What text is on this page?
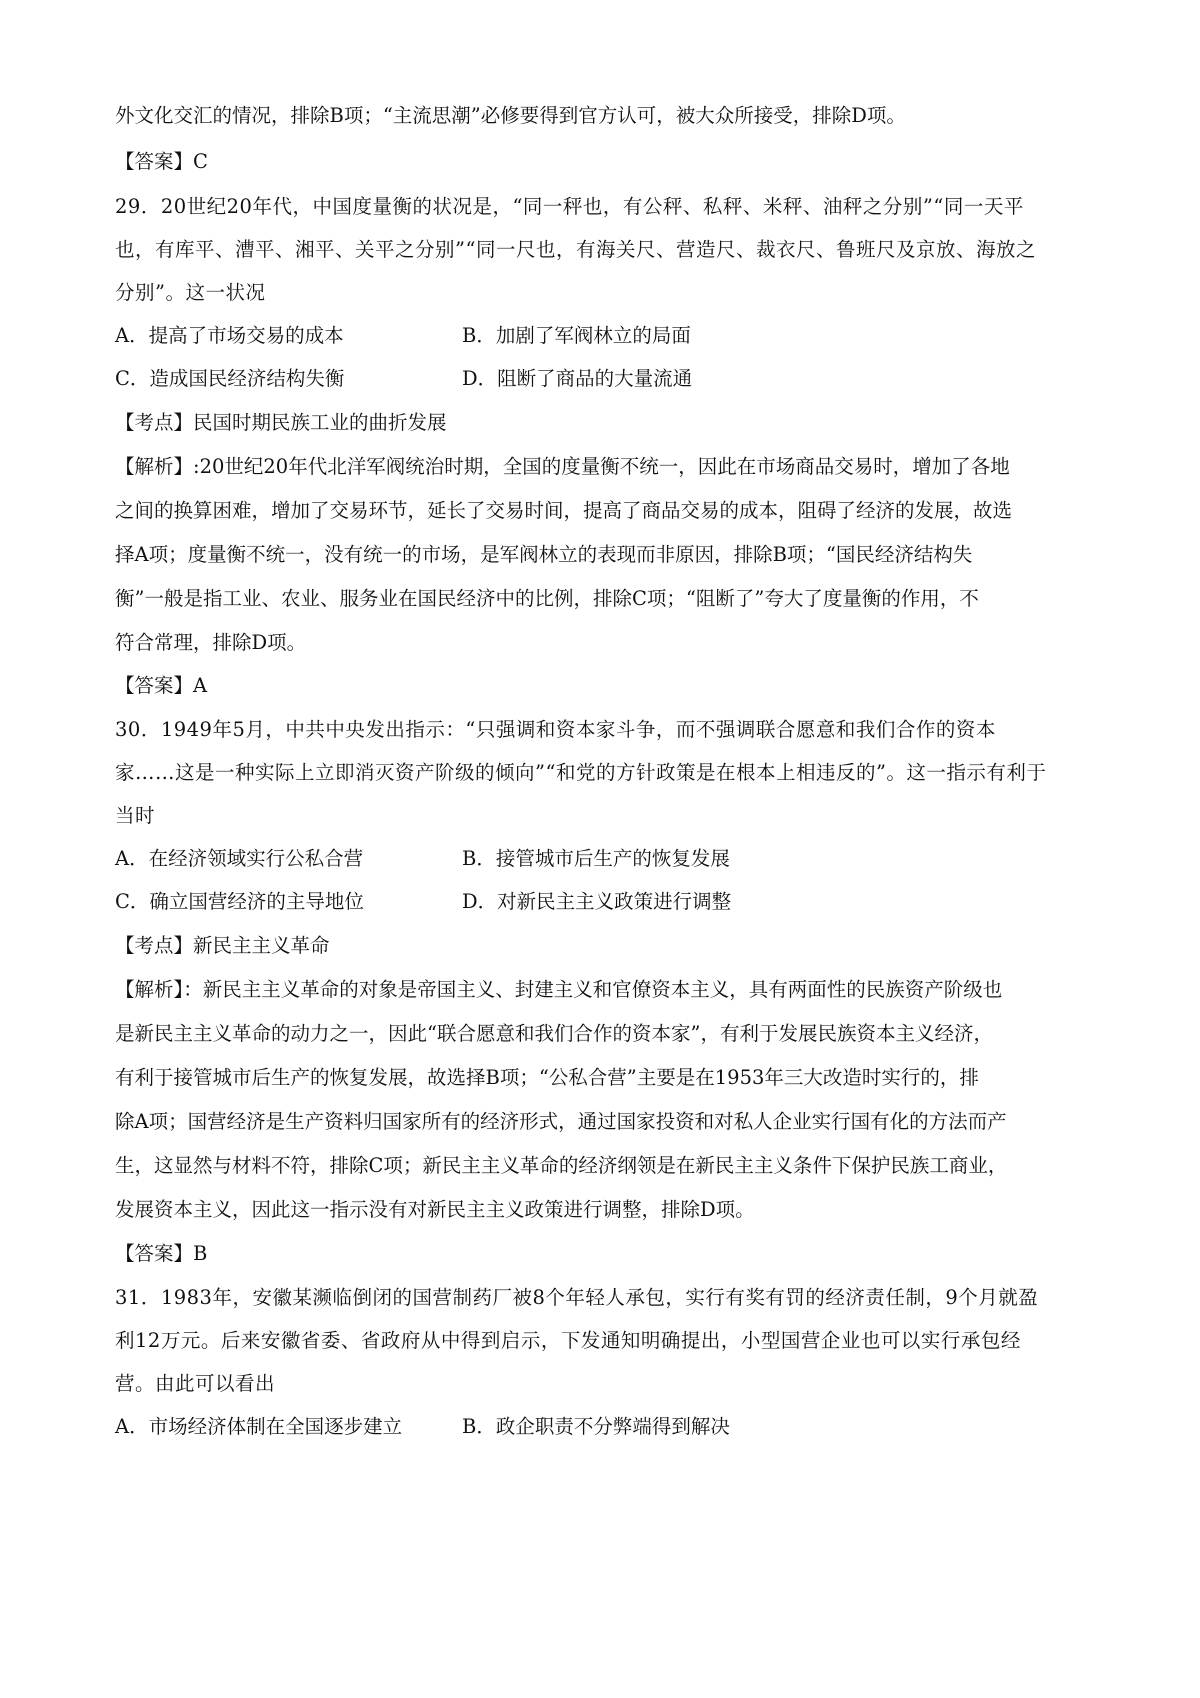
外文化交汇的情况，排除B项；“主流思潮”必修要得到官方认可，被大众所接受，排除D项。
【答案】C
29．20世纪20年代，中国度量衡的状况是，“同一秤也，有公秤、私秤、米秤、油秤之分别”“同一天平
也，有库平、漕平、湘平、关平之分别”“同一尺也，有海关尺、营造尺、裁衣尺、鲁班尺及京放、海放之
分别”。这一状况
A．提高了市场交易的成本	B．加剧了军阀林立的局面
C．造成国民经济结构失衡	D．阻断了商品的大量流通
【考点】民国时期民族工业的曲折发展
【解析】:20世纪20年代北洋军阀统治时期，全国的度量衡不统一，因此在市场商品交易时，增加了各地
之间的换算困难，增加了交易环节，延长了交易时间，提高了商品交易的成本，阻碍了经济的发展，故选
择A项；度量衡不统一，没有统一的市场，是军阀林立的表现而非原因，排除B项；“国民经济结构失
衡”一般是指工业、农业、服务业在国民经济中的比例，排除C项；“阻断了”夸大了度量衡的作用，不
符合常理，排除D项。
【答案】A
30．1949年5月，中共中央发出指示：“只强调和资本家斗争，而不强调联合愿意和我们合作的资本
家……这是一种实际上立即消灭资产阶级的倾向”“和党的方针政策是在根本上相违反的”。这一指示有利于
当时
A．在经济领域实行公私合营	B．接管城市后生产的恢复发展
C．确立国营经济的主导地位	D．对新民主主义政策进行调整
【考点】新民主主义革命
【解析】：新民主主义革命的对象是帝国主义、封建主义和官僚资本主义，具有两面性的民族资产阶级也
是新民主主义革命的动力之一，因此“联合愿意和我们合作的资本家”，有利于发展民族资本主义经济，
有利于接管城市后生产的恢复发展，故选择B项；“公私合营”主要是在1953年三大改造时实行的，排
除A项；国营经济是生产资料归国家所有的经济形式，通过国家投资和对私人企业实行国有化的方法而产
生，这显然与材料不符，排除C项；新民主主义革命的经济纲领是在新民主主义条件下保护民族工商业，
发展资本主义，因此这一指示没有对新民主主义政策进行调整，排除D项。
【答案】B
31．1983年，安徽某濒临倒闭的国营制药厂被8个年轻人承包，实行有奖有罚的经济责任制，9个月就盈
利12万元。后来安徽省委、省政府从中得到启示，下发通知明确提出，小型国营企业也可以实行承包经
营。由此可以看出
A．市场经济体制在全国逐步建立	B．政企职责不分弊端得到解决
